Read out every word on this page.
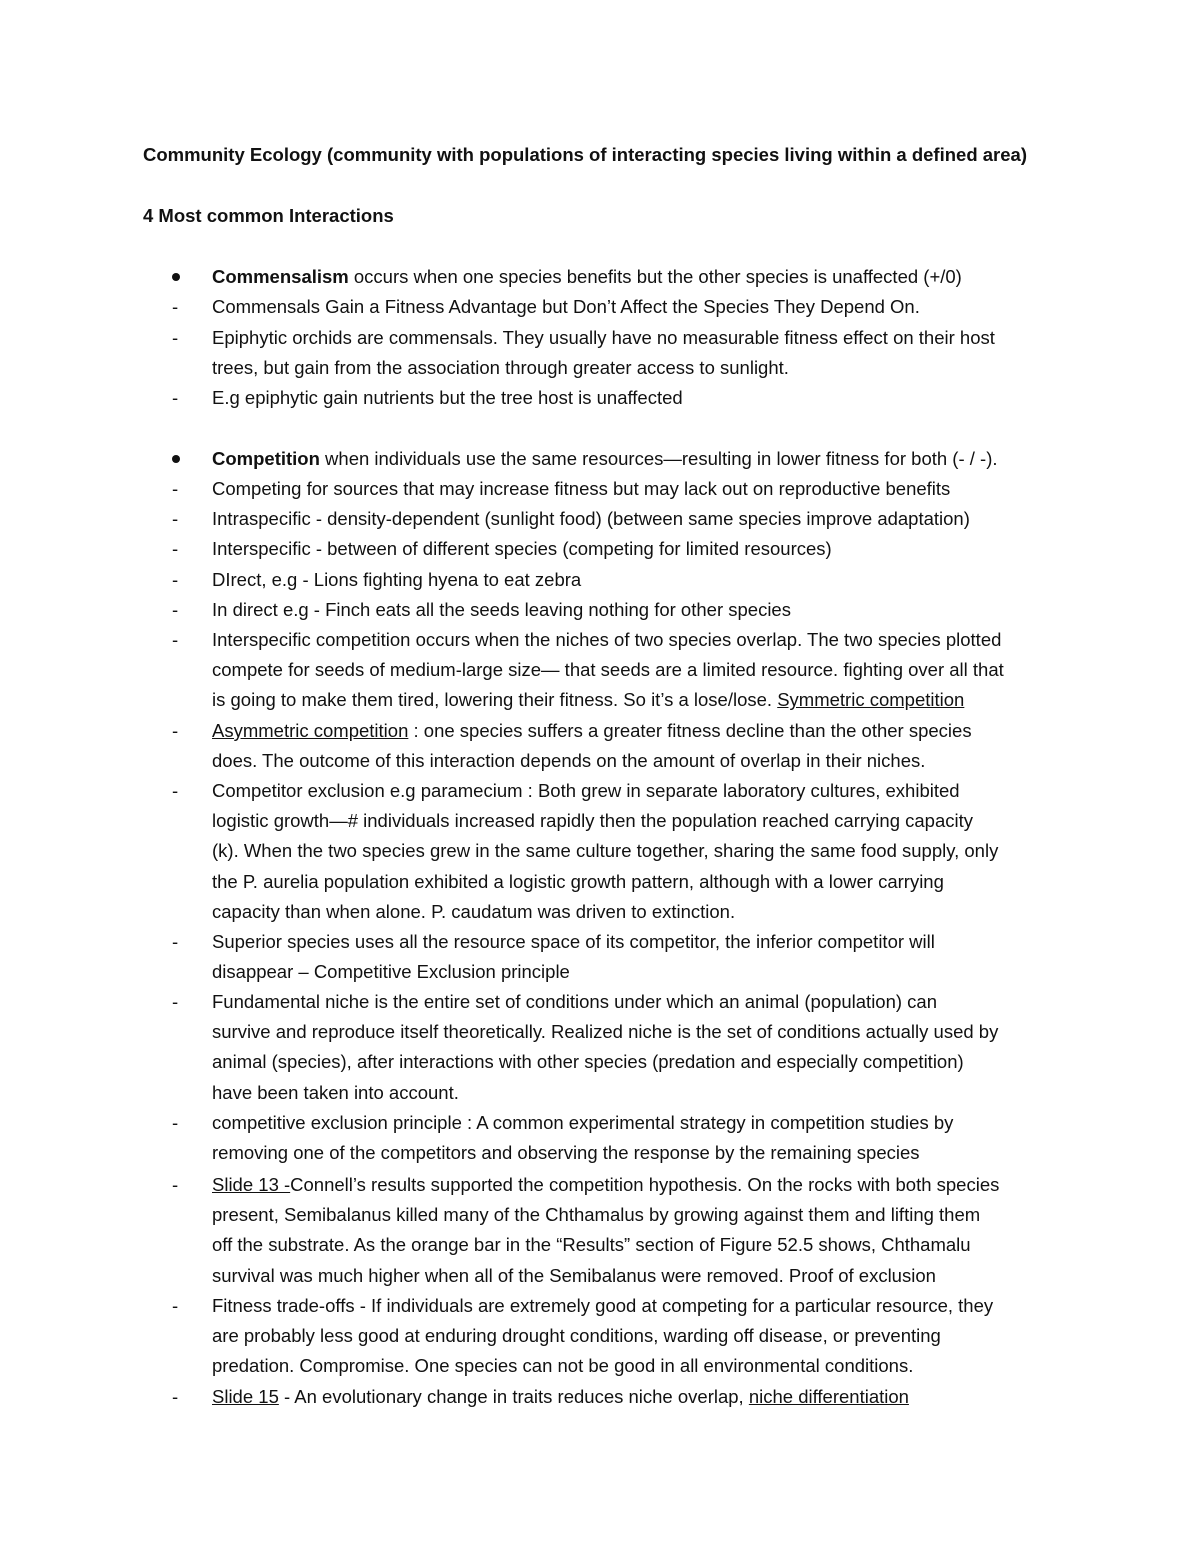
Community Ecology (community with populations of interacting species living within a defined area)
4 Most common Interactions
Commensalism occurs when one species benefits but the other species is unaffected (+/0)
- Commensals Gain a Fitness Advantage but Don’t Affect the Species They Depend On.
- Epiphytic orchids are commensals. They usually have no measurable fitness effect on their host
trees, but gain from the association through greater access to sunlight.
- E.g epiphytic gain nutrients but the tree host is unaffected
Competition when individuals use the same resources—resulting in lower fitness for both (- / -).
- Competing for sources that may increase fitness but may lack out on reproductive benefits
- Intraspecific - density-dependent (sunlight food) (between same species improve adaptation)
- Interspecific - between of different species (competing for limited resources)
- DIrect, e.g - Lions fighting hyena to eat zebra
- In direct e.g - Finch eats all the seeds leaving nothing for other species
- Interspecific competition occurs when the niches of two species overlap. The two species plotted
compete for seeds of medium-large size— that seeds are a limited resource. fighting over all that
is going to make them tired, lowering their fitness. So it’s a lose/lose. Symmetric competition
- Asymmetric competition : one species suffers a greater fitness decline than the other species
does. The outcome of this interaction depends on the amount of overlap in their niches.
- Competitor exclusion e.g paramecium : Both grew in separate laboratory cultures, exhibited
logistic growth—# individuals increased rapidly then the population reached carrying capacity
(k). When the two species grew in the same culture together, sharing the same food supply, only
the P. aurelia population exhibited a logistic growth pattern, although with a lower carrying
capacity than when alone. P. caudatum was driven to extinction.
- Superior species uses all the resource space of its competitor, the inferior competitor will
disappear – Competitive Exclusion principle
- Fundamental niche is the entire set of conditions under which an animal (population) can
survive and reproduce itself theoretically. Realized niche is the set of conditions actually used by
animal (species), after interactions with other species (predation and especially competition)
have been taken into account.
- competitive exclusion principle : A common experimental strategy in competition studies by
removing one of the competitors and observing the response by the remaining species
- Slide 13 -Connell’s results supported the competition hypothesis. On the rocks with both species
present, Semibalanus killed many of the Chthamalus by growing against them and lifting them
off the substrate. As the orange bar in the “Results” section of Figure 52.5 shows, Chthamalu
survival was much higher when all of the Semibalanus were removed. Proof of exclusion
- Fitness trade-offs - If individuals are extremely good at competing for a particular resource, they
are probably less good at enduring drought conditions, warding off disease, or preventing
predation. Compromise. One species can not be good in all environmental conditions.
- Slide 15 - An evolutionary change in traits reduces niche overlap, niche differentiation
